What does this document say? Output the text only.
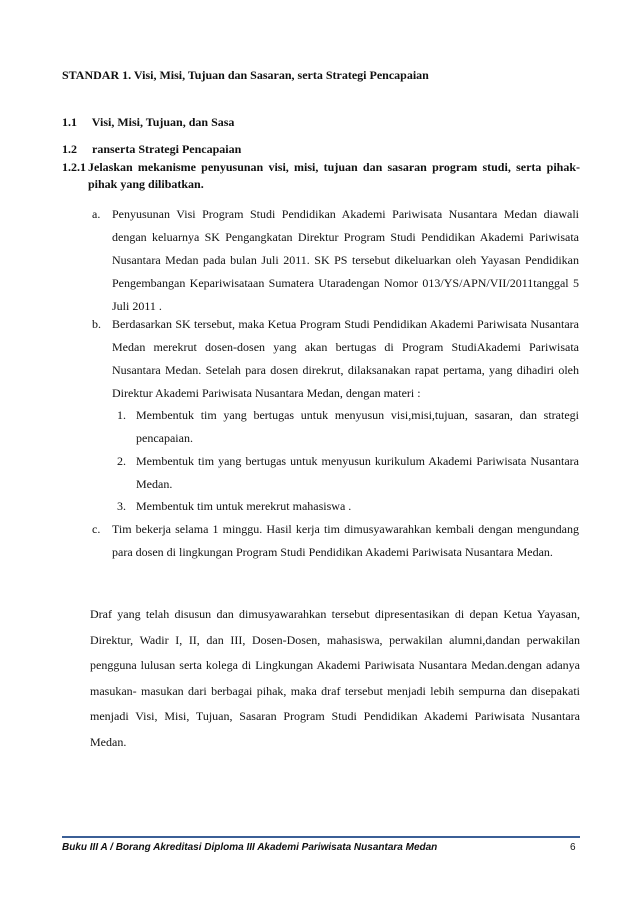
STANDAR 1. Visi, Misi, Tujuan dan Sasaran, serta Strategi Pencapaian
1.1 Visi, Misi, Tujuan, dan Sasa
1.2 ranserta Strategi Pencapaian
1.2.1 Jelaskan mekanisme penyusunan visi, misi, tujuan dan sasaran program studi, serta pihak-pihak yang dilibatkan.
a. Penyusunan Visi Program Studi Pendidikan Akademi Pariwisata Nusantara Medan diawali dengan keluarnya SK Pengangkatan Direktur Program Studi Pendidikan Akademi Pariwisata Nusantara Medan pada bulan Juli 2011. SK PS tersebut dikeluarkan oleh Yayasan Pendidikan Pengembangan Kepariwisataan Sumatera Utaradengan Nomor 013/YS/APN/VII/2011tanggal 5 Juli 2011 .
b. Berdasarkan SK tersebut, maka Ketua Program Studi Pendidikan Akademi Pariwisata Nusantara Medan merekrut dosen-dosen yang akan bertugas di Program StudiAkademi Pariwisata Nusantara Medan. Setelah para dosen direkrut, dilaksanakan rapat pertama, yang dihadiri oleh Direktur Akademi Pariwisata Nusantara Medan, dengan materi :
1. Membentuk tim yang bertugas untuk menyusun visi,misi,tujuan, sasaran, dan strategi pencapaian.
2. Membentuk tim yang bertugas untuk menyusun kurikulum Akademi Pariwisata Nusantara Medan.
3. Membentuk tim untuk merekrut mahasiswa .
c. Tim bekerja selama 1 minggu. Hasil kerja tim dimusyawarahkan kembali dengan mengundang para dosen di lingkungan Program Studi Pendidikan Akademi Pariwisata Nusantara Medan.
Draf yang telah disusun dan dimusyawarahkan tersebut dipresentasikan di depan Ketua Yayasan, Direktur, Wadir I, II, dan III, Dosen-Dosen, mahasiswa, perwakilan alumni,dandan perwakilan pengguna lulusan serta kolega di Lingkungan Akademi Pariwisata Nusantara Medan.dengan adanya masukan- masukan dari berbagai pihak, maka draf tersebut menjadi lebih sempurna dan disepakati menjadi Visi, Misi, Tujuan, Sasaran Program Studi Pendidikan Akademi Pariwisata Nusantara Medan.
Buku III A / Borang Akreditasi Diploma III Akademi Pariwisata Nusantara Medan	6
